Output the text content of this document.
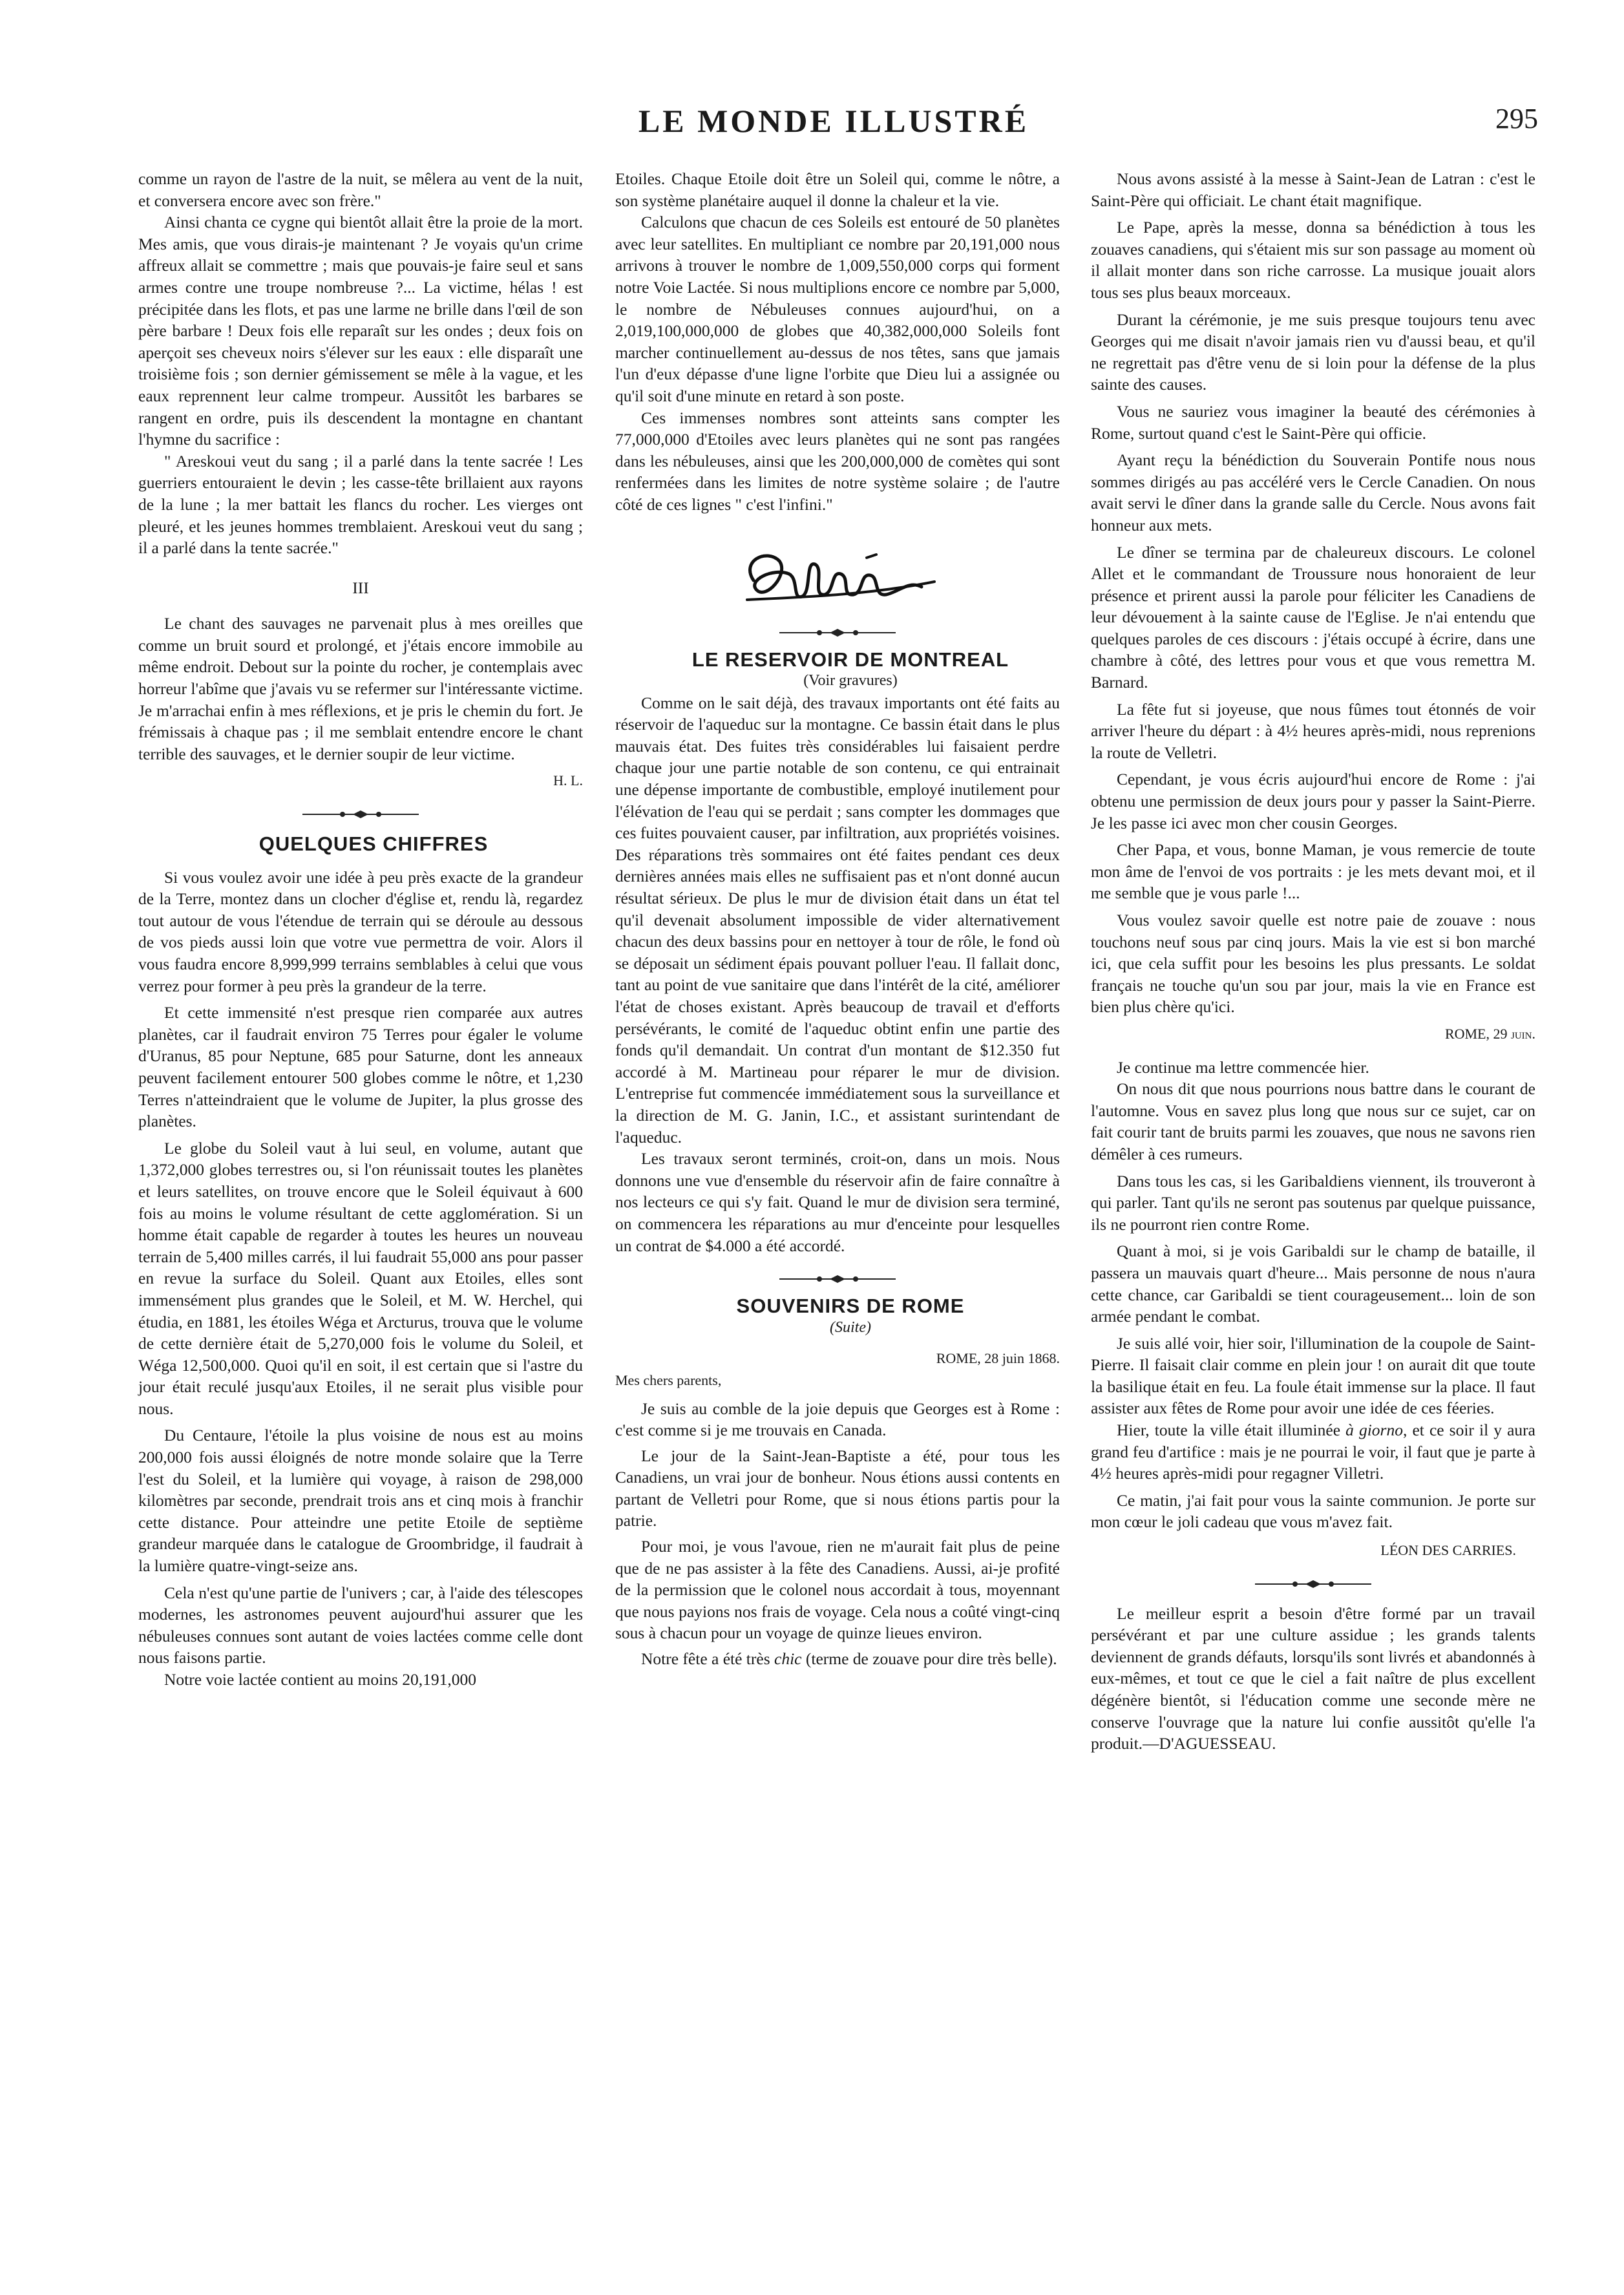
LE MONDE ILLUSTRÉ	295

comme un rayon de l'astre de la nuit, se mêlera au vent de la nuit, et conversera encore avec son frère."

Ainsi chanta ce cygne qui bientôt allait être la proie de la mort. Mes amis, que vous dirais-je maintenant ? Je voyais qu'un crime affreux allait se commettre ; mais que pouvais-je faire seul et sans armes contre une troupe nombreuse ?... La victime, hélas ! est précipitée dans les flots, et pas une larme ne brille dans l'œil de son père barbare ! Deux fois elle reparaît sur les ondes ; deux fois on aperçoit ses cheveux noirs s'élever sur les eaux : elle disparaît une troisième fois ; son dernier gémissement se mêle à la vague, et les eaux reprennent leur calme trompeur. Aussitôt les barbares se rangent en ordre, puis ils descendent la montagne en chantant l'hymne du sacrifice :

" Areskoui veut du sang ; il a parlé dans la tente sacrée ! Les guerriers entouraient le devin ; les casse-tête brillaient aux rayons de la lune ; la mer battait les flancs du rocher. Les vierges ont pleuré, et les jeunes hommes tremblaient. Areskoui veut du sang ; il a parlé dans la tente sacrée."

III

Le chant des sauvages ne parvenait plus à mes oreilles que comme un bruit sourd et prolongé, et j'étais encore immobile au même endroit. Debout sur la pointe du rocher, je contemplais avec horreur l'abîme que j'avais vu se refermer sur l'intéressante victime. Je m'arrachai enfin à mes réflexions, et je pris le chemin du fort. Je frémissais à chaque pas ; il me semblait entendre encore le chant terrible des sauvages, et le dernier soupir de leur victime.

H. L.

QUELQUES CHIFFRES

Si vous voulez avoir une idée à peu près exacte de la grandeur de la Terre, montez dans un clocher d'église et, rendu là, regardez tout autour de vous l'étendue de terrain qui se déroule au dessous de vos pieds aussi loin que votre vue permettra de voir. Alors il vous faudra encore 8,999,999 terrains semblables à celui que vous verrez pour former à peu près la grandeur de la terre.

Et cette immensité n'est presque rien comparée aux autres planètes, car il faudrait environ 75 Terres pour égaler le volume d'Uranus, 85 pour Neptune, 685 pour Saturne, dont les anneaux peuvent facilement entourer 500 globes comme le nôtre, et 1,230 Terres n'atteindraient que le volume de Jupiter, la plus grosse des planètes.

Le globe du Soleil vaut à lui seul, en volume, autant que 1,372,000 globes terrestres ou, si l'on réunissait toutes les planètes et leurs satellites, on trouve encore que le Soleil équivaut à 600 fois au moins le volume résultant de cette agglomération. Si un homme était capable de regarder à toutes les heures un nouveau terrain de 5,400 milles carrés, il lui faudrait 55,000 ans pour passer en revue la surface du Soleil. Quant aux Etoiles, elles sont immensément plus grandes que le Soleil, et M. W. Herchel, qui étudia, en 1881, les étoiles Wéga et Arcturus, trouva que le volume de cette dernière était de 5,270,000 fois le volume du Soleil, et Wéga 12,500,000. Quoi qu'il en soit, il est certain que si l'astre du jour était reculé jusqu'aux Etoiles, il ne serait plus visible pour nous.

Du Centaure, l'étoile la plus voisine de nous est au moins 200,000 fois aussi éloignés de notre monde solaire que la Terre l'est du Soleil, et la lumière qui voyage, à raison de 298,000 kilomètres par seconde, prendrait trois ans et cinq mois à franchir cette distance. Pour atteindre une petite Etoile de septième grandeur marquée dans le catalogue de Groombridge, il faudrait à la lumière quatre-vingt-seize ans.

Cela n'est qu'une partie de l'univers ; car, à l'aide des télescopes modernes, les astronomes peuvent aujourd'hui assurer que les nébuleuses connues sont autant de voies lactées comme celle dont nous faisons partie.

Notre voie lactée contient au moins 20,191,000

Etoiles. Chaque Etoile doit être un Soleil qui, comme le nôtre, a son système planétaire auquel il donne la chaleur et la vie.

Calculons que chacun de ces Soleils est entouré de 50 planètes avec leur satellites. En multipliant ce nombre par 20,191,000 nous arrivons à trouver le nombre de 1,009,550,000 corps qui forment notre Voie Lactée. Si nous multiplions encore ce nombre par 5,000, le nombre de Nébuleuses connues aujourd'hui, on a 2,019,100,000,000 de globes que 40,382,000,000 Soleils font marcher continuellement au-dessus de nos têtes, sans que jamais l'un d'eux dépasse d'une ligne l'orbite que Dieu lui a assignée ou qu'il soit d'une minute en retard à son poste.

Ces immenses nombres sont atteints sans compter les 77,000,000 d'Etoiles avec leurs planètes qui ne sont pas rangées dans les nébuleuses, ainsi que les 200,000,000 de comètes qui sont renfermées dans les limites de notre système solaire ; de l'autre côté de ces lignes " c'est l'infini."

LE RESERVOIR DE MONTREAL

(Voir gravures)

Comme on le sait déjà, des travaux importants ont été faits au réservoir de l'aqueduc sur la montagne. Ce bassin était dans le plus mauvais état. Des fuites très considérables lui faisaient perdre chaque jour une partie notable de son contenu, ce qui entrainait une dépense importante de combustible, employé inutilement pour l'élévation de l'eau qui se perdait ; sans compter les dommages que ces fuites pouvaient causer, par infiltration, aux propriétés voisines. Des réparations très sommaires ont été faites pendant ces deux dernières années mais elles ne suffisaient pas et n'ont donné aucun résultat sérieux. De plus le mur de division était dans un état tel qu'il devenait absolument impossible de vider alternativement chacun des deux bassins pour en nettoyer à tour de rôle, le fond où se déposait un sédiment épais pouvant polluer l'eau. Il fallait donc, tant au point de vue sanitaire que dans l'intérêt de la cité, améliorer l'état de choses existant. Après beaucoup de travail et d'efforts persévérants, le comité de l'aqueduc obtint enfin une partie des fonds qu'il demandait. Un contrat d'un montant de $12.350 fut accordé à M. Martineau pour réparer le mur de division. L'entreprise fut commencée immédiatement sous la surveillance et la direction de M. G. Janin, I.C., et assistant surintendant de l'aqueduc.

Les travaux seront terminés, croit-on, dans un mois. Nous donnons une vue d'ensemble du réservoir afin de faire connaître à nos lecteurs ce qui s'y fait. Quand le mur de division sera terminé, on commencera les réparations au mur d'enceinte pour lesquelles un contrat de $4.000 a été accordé.

SOUVENIRS DE ROME

(Suite)

ROME, 28 juin 1868.

Mes chers parents,

Je suis au comble de la joie depuis que Georges est à Rome : c'est comme si je me trouvais en Canada.

Le jour de la Saint-Jean-Baptiste a été, pour tous les Canadiens, un vrai jour de bonheur. Nous étions aussi contents en partant de Velletri pour Rome, que si nous étions partis pour la patrie.

Pour moi, je vous l'avoue, rien ne m'aurait fait plus de peine que de ne pas assister à la fête des Canadiens. Aussi, ai-je profité de la permission que le colonel nous accordait à tous, moyennant que nous payions nos frais de voyage. Cela nous a coûté vingt-cinq sous à chacun pour un voyage de quinze lieues environ.

Notre fête a été très chic (terme de zouave pour dire très belle).

Nous avons assisté à la messe à Saint-Jean de Latran : c'est le Saint-Père qui officiait. Le chant était magnifique.

Le Pape, après la messe, donna sa bénédiction à tous les zouaves canadiens, qui s'étaient mis sur son passage au moment où il allait monter dans son riche carrosse. La musique jouait alors tous ses plus beaux morceaux.

Durant la cérémonie, je me suis presque toujours tenu avec Georges qui me disait n'avoir jamais rien vu d'aussi beau, et qu'il ne regrettait pas d'être venu de si loin pour la défense de la plus sainte des causes.

Vous ne sauriez vous imaginer la beauté des cérémonies à Rome, surtout quand c'est le Saint-Père qui officie.

Ayant reçu la bénédiction du Souverain Pontife nous nous sommes dirigés au pas accéléré vers le Cercle Canadien. On nous avait servi le dîner dans la grande salle du Cercle. Nous avons fait honneur aux mets.

Le dîner se termina par de chaleureux discours. Le colonel Allet et le commandant de Troussure nous honoraient de leur présence et prirent aussi la parole pour féliciter les Canadiens de leur dévouement à la sainte cause de l'Eglise. Je n'ai entendu que quelques paroles de ces discours : j'étais occupé à écrire, dans une chambre à côté, des lettres pour vous et que vous remettra M. Barnard.

La fête fut si joyeuse, que nous fûmes tout étonnés de voir arriver l'heure du départ : à 4½ heures après-midi, nous reprenions la route de Velletri.

Cependant, je vous écris aujourd'hui encore de Rome : j'ai obtenu une permission de deux jours pour y passer la Saint-Pierre. Je les passe ici avec mon cher cousin Georges.

Cher Papa, et vous, bonne Maman, je vous remercie de toute mon âme de l'envoi de vos portraits : je les mets devant moi, et il me semble que je vous parle !...

Vous voulez savoir quelle est notre paie de zouave : nous touchons neuf sous par cinq jours. Mais la vie est si bon marché ici, que cela suffit pour les besoins les plus pressants. Le soldat français ne touche qu'un sou par jour, mais la vie en France est bien plus chère qu'ici.

ROME, 29 juin.

Je continue ma lettre commencée hier.

On nous dit que nous pourrions nous battre dans le courant de l'automne. Vous en savez plus long que nous sur ce sujet, car on fait courir tant de bruits parmi les zouaves, que nous ne savons rien démêler à ces rumeurs.

Dans tous les cas, si les Garibaldiens viennent, ils trouveront à qui parler. Tant qu'ils ne seront pas soutenus par quelque puissance, ils ne pourront rien contre Rome.

Quant à moi, si je vois Garibaldi sur le champ de bataille, il passera un mauvais quart d'heure... Mais personne de nous n'aura cette chance, car Garibaldi se tient courageusement... loin de son armée pendant le combat.

Je suis allé voir, hier soir, l'illumination de la coupole de Saint-Pierre. Il faisait clair comme en plein jour ! on aurait dit que toute la basilique était en feu. La foule était immense sur la place. Il faut assister aux fêtes de Rome pour avoir une idée de ces féeries.

Hier, toute la ville était illuminée à giorno, et ce soir il y aura grand feu d'artifice : mais je ne pourrai le voir, il faut que je parte à 4½ heures après-midi pour regagner Villetri.

Ce matin, j'ai fait pour vous la sainte communion. Je porte sur mon cœur le joli cadeau que vous m'avez fait.

LÉON DES CARRIES.

Le meilleur esprit a besoin d'être formé par un travail persévérant et par une culture assidue ; les grands talents deviennent de grands défauts, lorsqu'ils sont livrés et abandonnés à eux-mêmes, et tout ce que le ciel a fait naître de plus excellent dégénère bientôt, si l'éducation comme une seconde mère ne conserve l'ouvrage que la nature lui confie aussitôt qu'elle l'a produit.—D'AGUESSEAU.
